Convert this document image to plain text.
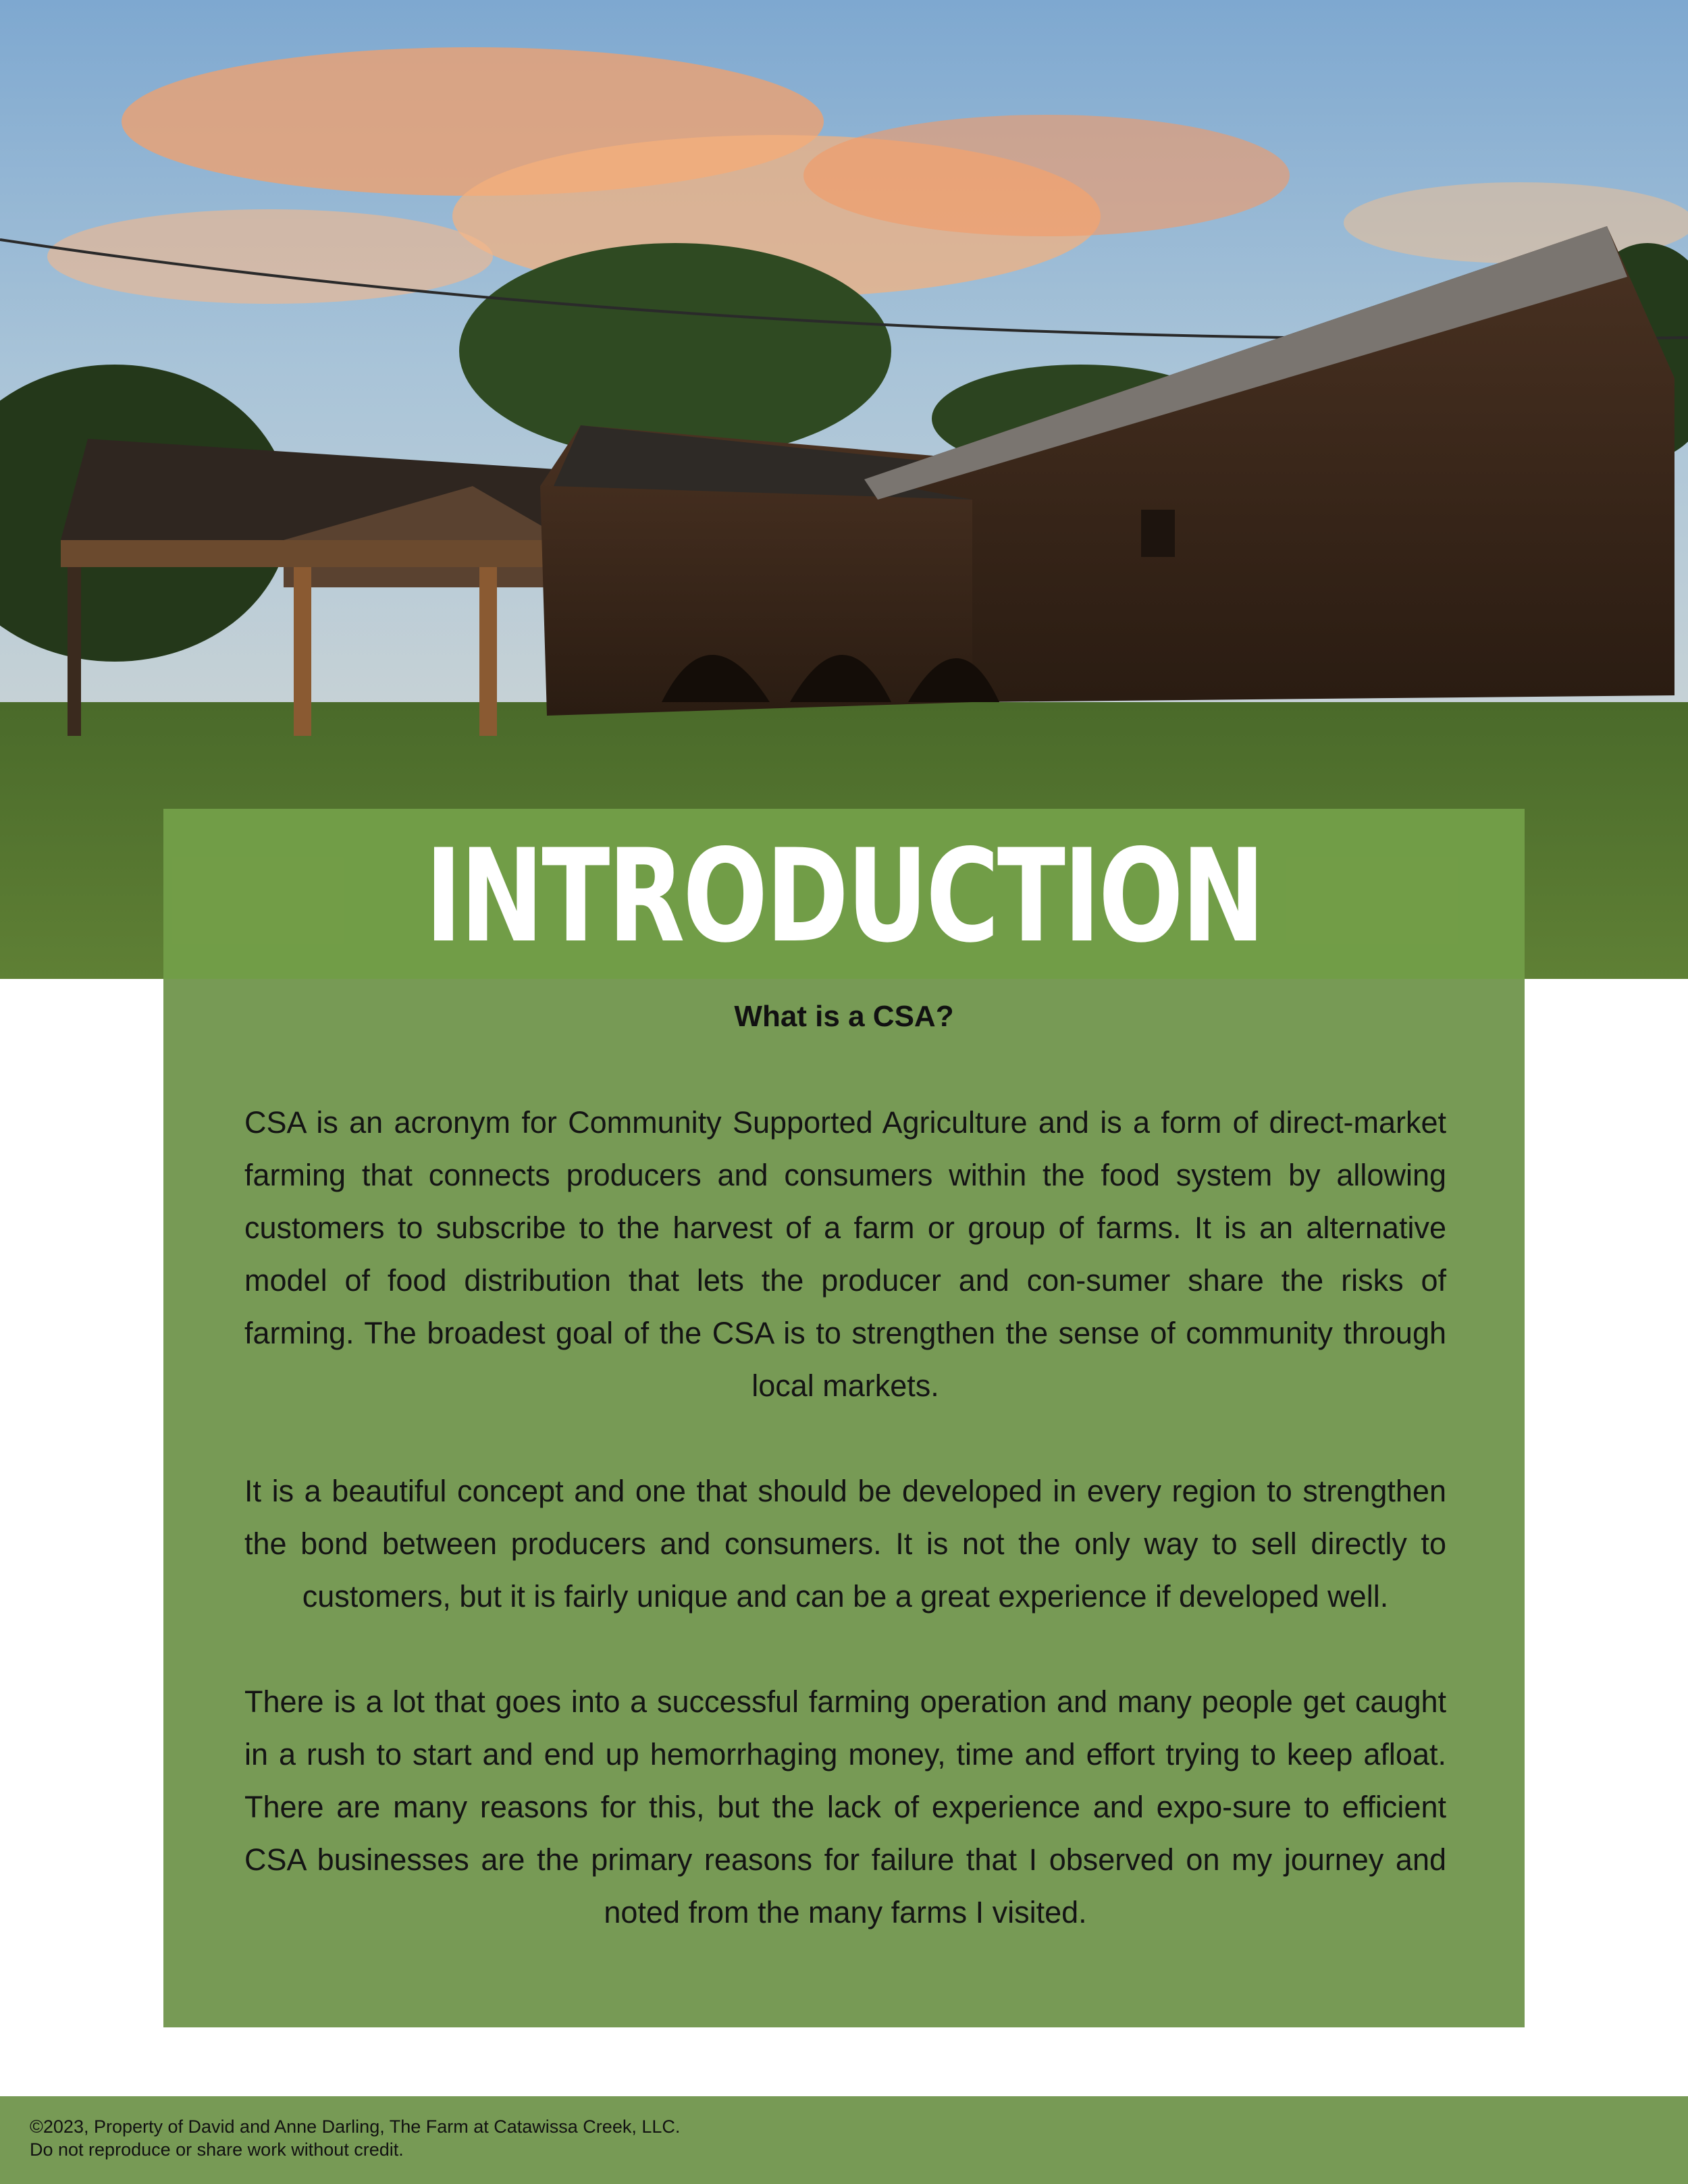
INTRODUCTION
What is a CSA?

CSA is an acronym for Community Supported Agriculture and is a form of direct-market farming that connects producers and consumers within the food system by allowing customers to subscribe to the harvest of a farm or group of farms. It is an alternative model of food distribution that lets the producer and con-sumer share the risks of farming. The broadest goal of the CSA is to strengthen the sense of community through local markets.

It is a beautiful concept and one that should be developed in every region to strengthen the bond between producers and consumers. It is not the only way to sell directly to customers, but it is fairly unique and can be a great experience if developed well.

There is a lot that goes into a successful farming operation and many people get caught in a rush to start and end up hemorrhaging money, time and effort trying to keep afloat. There are many reasons for this, but the lack of experience and expo-sure to efficient CSA businesses are the primary reasons for failure that I observed on my journey and noted from the many farms I visited.

©2023, Property of David and Anne Darling, The Farm at Catawissa Creek, LLC.
Do not reproduce or share work without credit.
